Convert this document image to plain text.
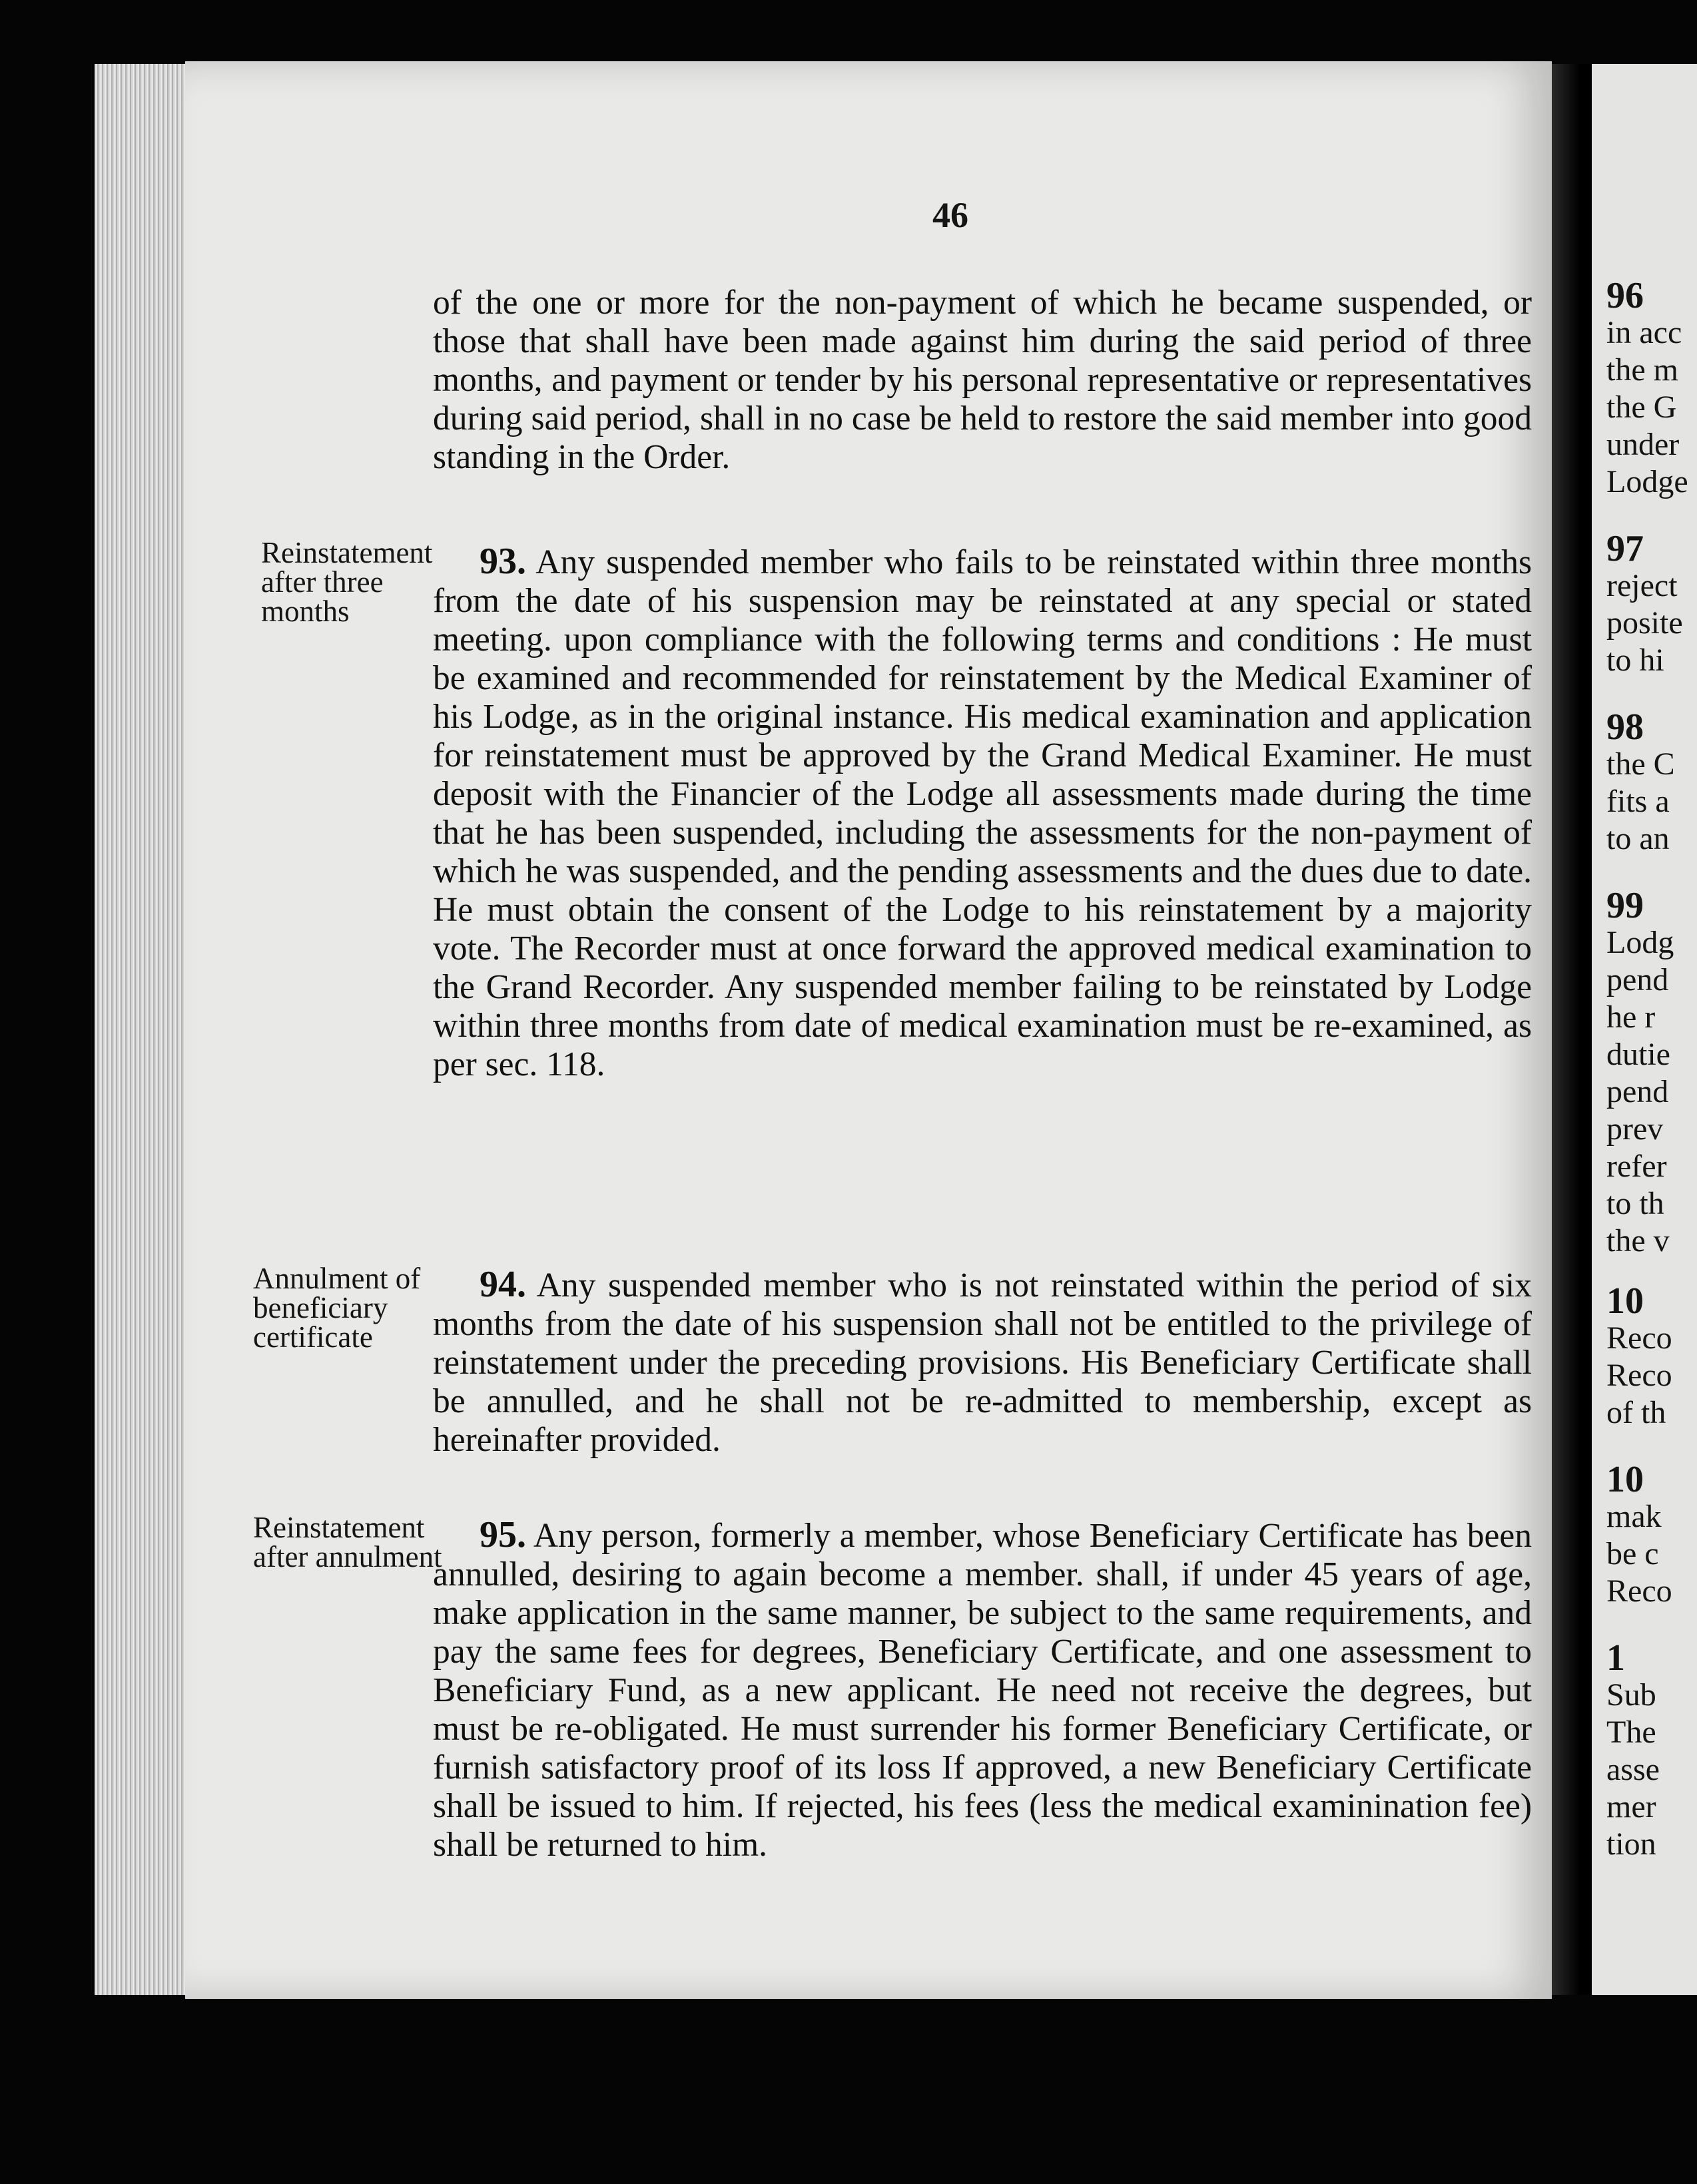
96
in acc
the m
the G
under
Lodge
97
reject
posite
to hi
98
the C
fits a
to an
99
Lodg
pend
he r
dutie
pend
prev
refer
to th
the v
10
Reco
Reco
of th
10
mak
be c
Reco
1
Sub
The
asse
mer
tion
46
of the one or more for the non-payment of which he became suspended, or those that shall have been made against him during the said period of three months, and payment or tender by his personal representative or representatives during said period, shall in no case be held to restore the said member into good standing in the Order.
Reinstatement after three months
93. Any suspended member who fails to be reinstated within three months from the date of his suspension may be reinstated at any special or stated meeting. upon compliance with the following terms and conditions : He must be examined and recommended for reinstatement by the Medical Examiner of his Lodge, as in the original instance. His medical examination and application for reinstatement must be approved by the Grand Medical Examiner. He must deposit with the Financier of the Lodge all assessments made during the time that he has been suspended, including the assessments for the non-payment of which he was suspended, and the pending assessments and the dues due to date. He must obtain the consent of the Lodge to his reinstatement by a majority vote. The Recorder must at once forward the approved medical examination to the Grand Recorder. Any suspended member failing to be reinstated by Lodge within three months from date of medical examination must be re-examined, as per sec. 118.
Annulment of beneficiary certificate
94. Any suspended member who is not reinstated within the period of six months from the date of his suspension shall not be entitled to the privilege of reinstatement under the preceding provisions. His Beneficiary Certificate shall be annulled, and he shall not be re-admitted to membership, except as hereinafter provided.
Reinstatement after annulment
95. Any person, formerly a member, whose Beneficiary Certificate has been annulled, desiring to again become a member. shall, if under 45 years of age, make application in the same manner, be subject to the same requirements, and pay the same fees for degrees, Beneficiary Certificate, and one assessment to Beneficiary Fund, as a new applicant. He need not receive the degrees, but must be re-obligated. He must surrender his former Beneficiary Certificate, or furnish satisfactory proof of its loss If approved, a new Beneficiary Certificate shall be issued to him. If rejected, his fees (less the medical examinination fee) shall be returned to him.
